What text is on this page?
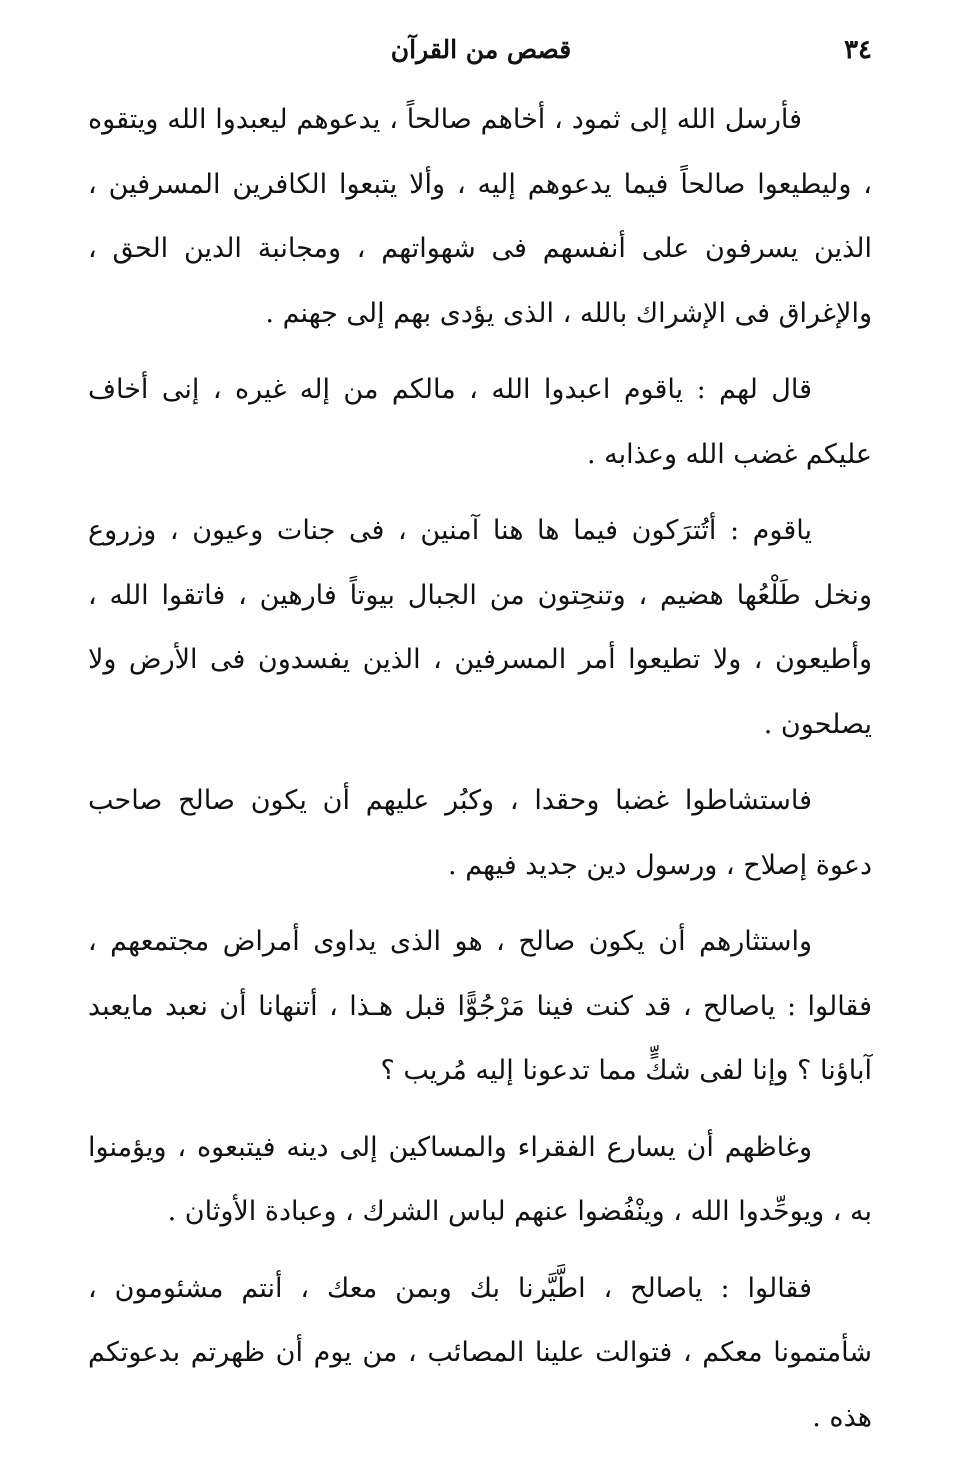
٣٤
قصص من القرآن

فأرسل الله إلى ثمود ، أخاهم صالحاً ، يدعوهم ليعبدوا الله ويتقوه ، وليطيعوا صالحاً فيما يدعوهم إليه ، وألا يتبعوا الكافرين المسرفين ، الذين يسرفون على أنفسهم فى شهواتهم ، ومجانبة الدين الحق ، والإغراق فى الإشراك بالله ، الذى يؤدى بهم إلى جهنم .

قال لهم : ياقوم اعبدوا الله ، مالكم من إله غيره ، إنى أخاف عليكم غضب الله وعذابه .

ياقوم : أتُترَكون فيما ها هنا آمنين ، فى جنات وعيون ، وزروع ونخل طَلْعُها هضيم ، وتنحِتون من الجبال بيوتاً فارهين ، فاتقوا الله ، وأطيعون ، ولا تطيعوا أمر المسرفين ، الذين يفسدون فى الأرض ولا يصلحون .

فاستشاطوا غضبا وحقدا ، وكبُر عليهم أن يكون صالح صاحب دعوة إصلاح ، ورسول دين جديد فيهم .

واستثارهم أن يكون صالح ، هو الذى يداوى أمراض مجتمعهم ، فقالوا : ياصالح ، قد كنت فينا مَرْجُوًّا قبل هـذا ، أتنهانا أن نعبد مايعبد آباؤنا ؟ وإنا لفى شكٍّ مما تدعونا إليه مُريب ؟

وغاظهم أن يسارع الفقراء والمساكين إلى دينه فيتبعوه ، ويؤمنوا به ، ويوحِّدوا الله ، وينْفُضوا عنهم لباس الشرك ، وعبادة الأوثان .

فقالوا : ياصالح ، اطَّيَّرنا بك وبمن معك ، أنتم مشئومون ، شأمتمونا معكم ، فتوالت علينا المصائب ، من يوم أن ظهرتم بدعوتكم هذه .
